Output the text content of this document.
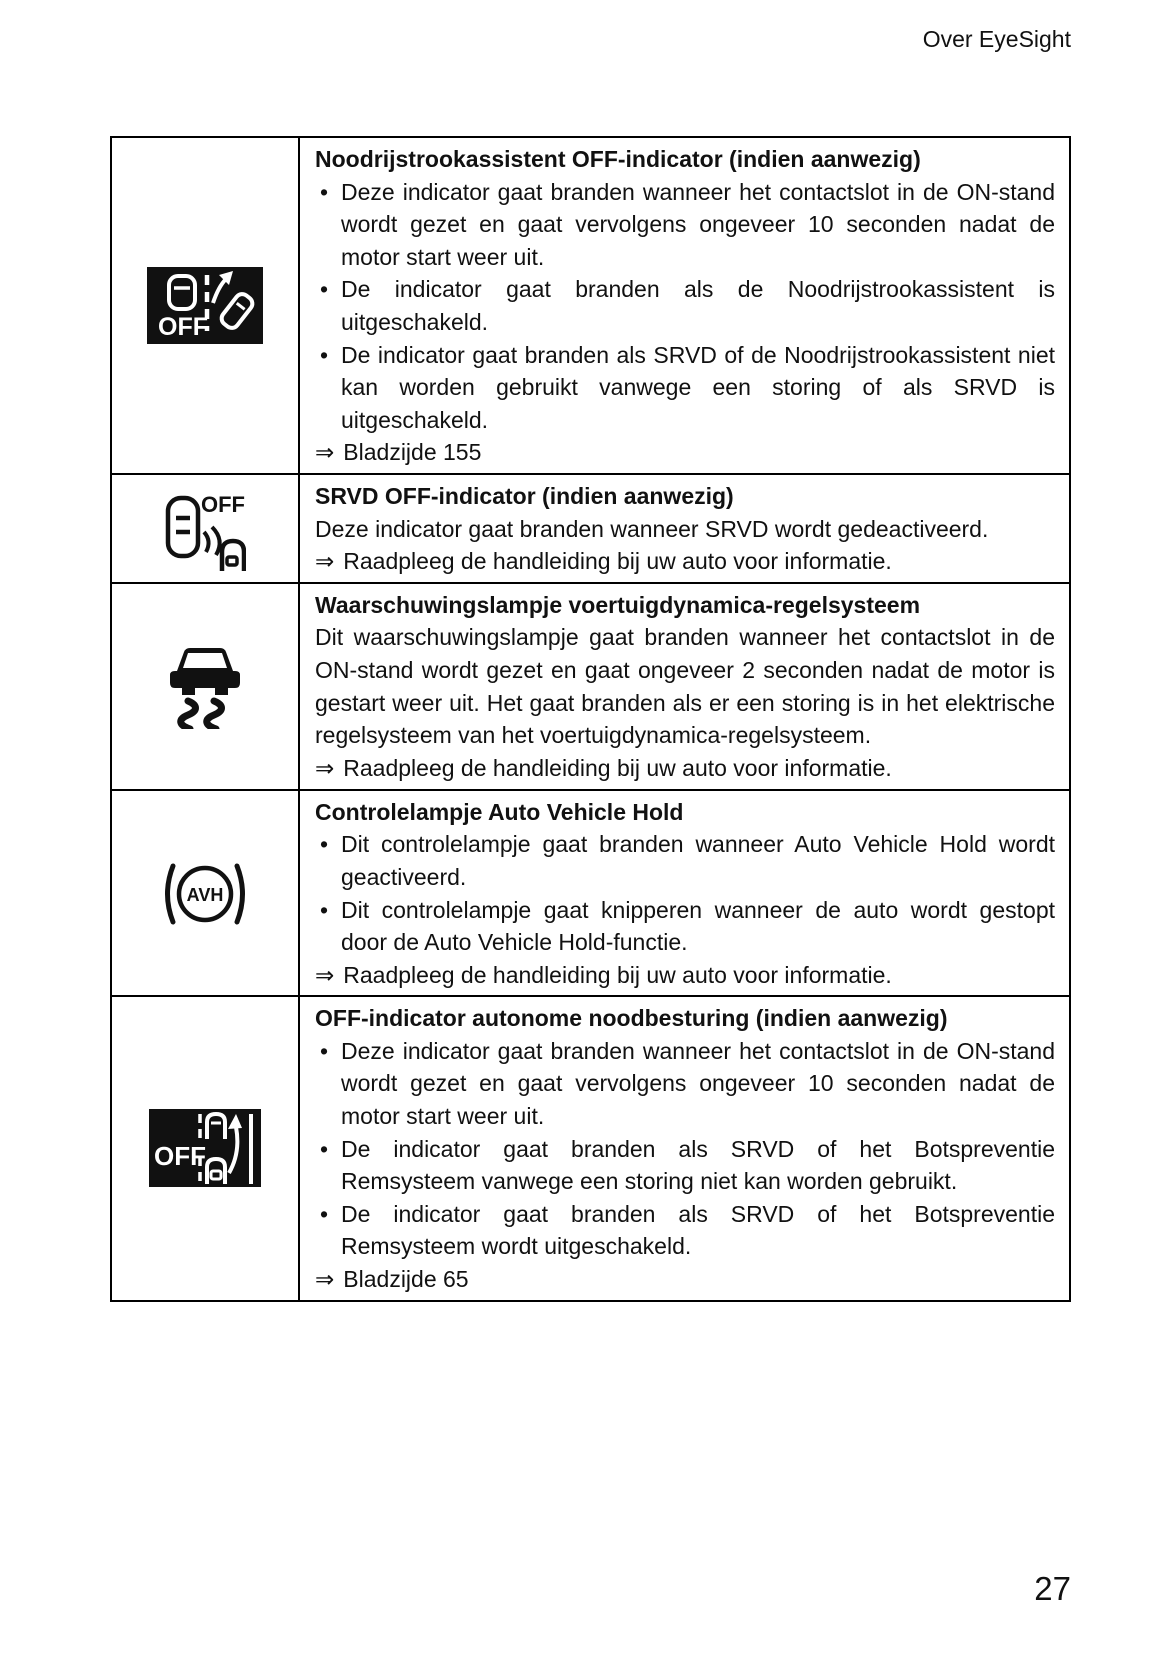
Over EyeSight
OFF

Noodrijstrookassistent OFF-indicator (indien aanwezig)
• Deze indicator gaat branden wanneer het contactslot in de ON-stand wordt gezet en gaat vervolgens ongeveer 10 seconden nadat de motor start weer uit.
• De indicator gaat branden als de Noodrijstrookassistent is uitgeschakeld.
• De indicator gaat branden als SRVD of de Noodrijstrookassistent niet kan worden gebruikt vanwege een storing of als SRVD is uitgeschakeld.
⇒ Bladzijde 155

OFF	SRVD OFF-indicator (indien aanwezig)
Deze indicator gaat branden wanneer SRVD wordt gedeactiveerd.
⇒ Raadpleeg de handleiding bij uw auto voor informatie.

Waarschuwingslampje voertuigdynamica-regelsysteem
Dit waarschuwingslampje gaat branden wanneer het contactslot in de ON-stand wordt gezet en gaat ongeveer 2 seconden nadat de motor is gestart weer uit. Het gaat branden als er een storing is in het elektrische regelsysteem van het voertuigdynamica-regelsysteem.
⇒ Raadpleeg de handleiding bij uw auto voor informatie.

AVH

Controlelampje Auto Vehicle Hold
• Dit controlelampje gaat branden wanneer Auto Vehicle Hold wordt geactiveerd.
• Dit controlelampje gaat knipperen wanneer de auto wordt gestopt door de Auto Vehicle Hold-functie.
⇒ Raadpleeg de handleiding bij uw auto voor informatie.

OFF

OFF-indicator autonome noodbesturing (indien aanwezig)
• Deze indicator gaat branden wanneer het contactslot in de ON-stand wordt gezet en gaat vervolgens ongeveer 10 seconden nadat de motor start weer uit.
• De indicator gaat branden als SRVD of het Botspreventie Remsysteem vanwege een storing niet kan worden gebruikt.
• De indicator gaat branden als SRVD of het Botspreventie Remsysteem wordt uitgeschakeld.
⇒ Bladzijde 65
27
